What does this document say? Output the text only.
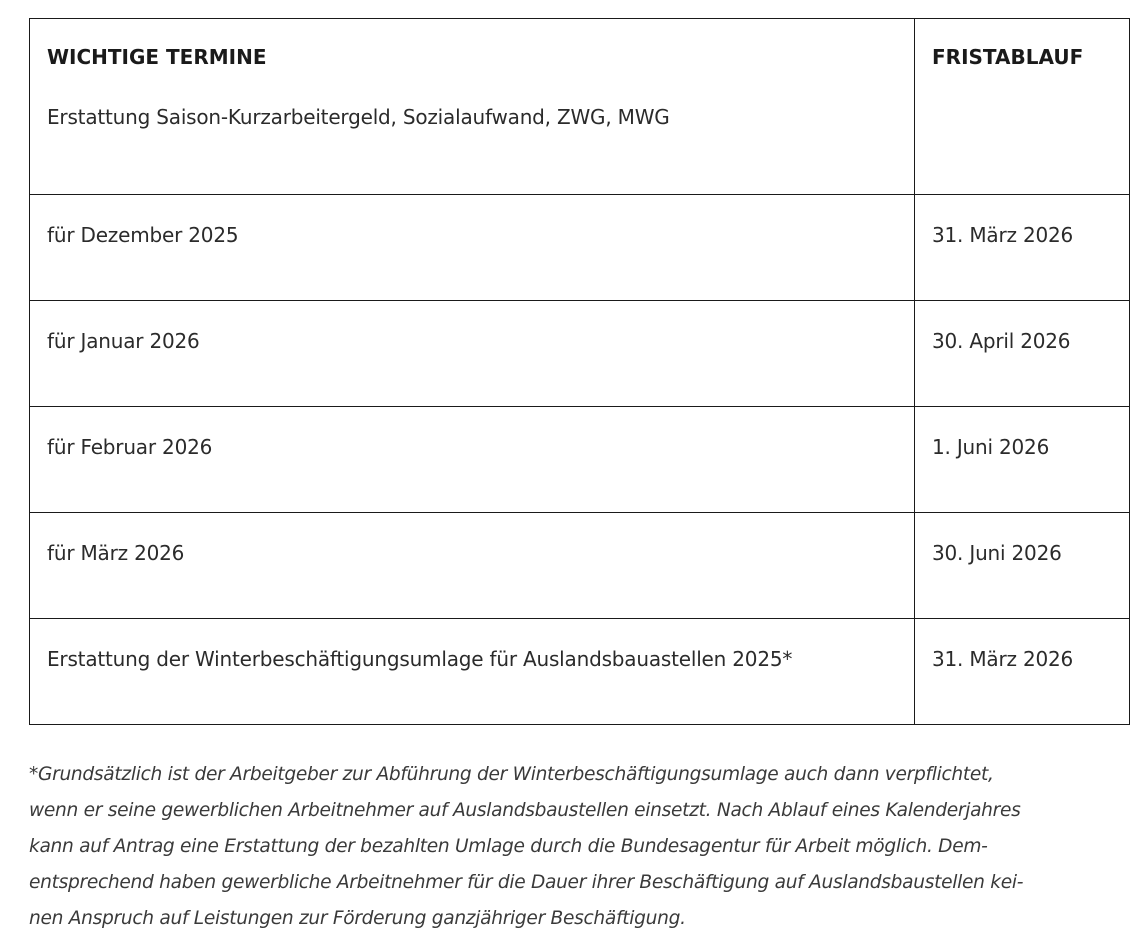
WICHTIGE TERMINE
Erstattung Saison-Kurzarbeitergeld, Sozialaufwand, ZWG, MWG	FRISTABLAUF

für Dezember 2025	31. März 2026

für Januar 2026	30. April 2026

für Februar 2026	1. Juni 2026

für März 2026	30. Juni 2026

Erstattung der Winterbeschäftigungsumlage für Auslandsbauastellen 2025*	31. März 2026
*Grundsätzlich ist der Arbeitgeber zur Abführung der Winterbeschäftigungsumlage auch dann verpflichtet,
wenn er seine gewerblichen Arbeitnehmer auf Auslandsbaustellen einsetzt. Nach Ablauf eines Kalenderjahres
kann auf Antrag eine Erstattung der bezahlten Umlage durch die Bundesagentur für Arbeit möglich. Dem-
entsprechend haben gewerbliche Arbeitnehmer für die Dauer ihrer Beschäftigung auf Auslandsbaustellen kei-
nen Anspruch auf Leistungen zur Förderung ganzjähriger Beschäftigung.
